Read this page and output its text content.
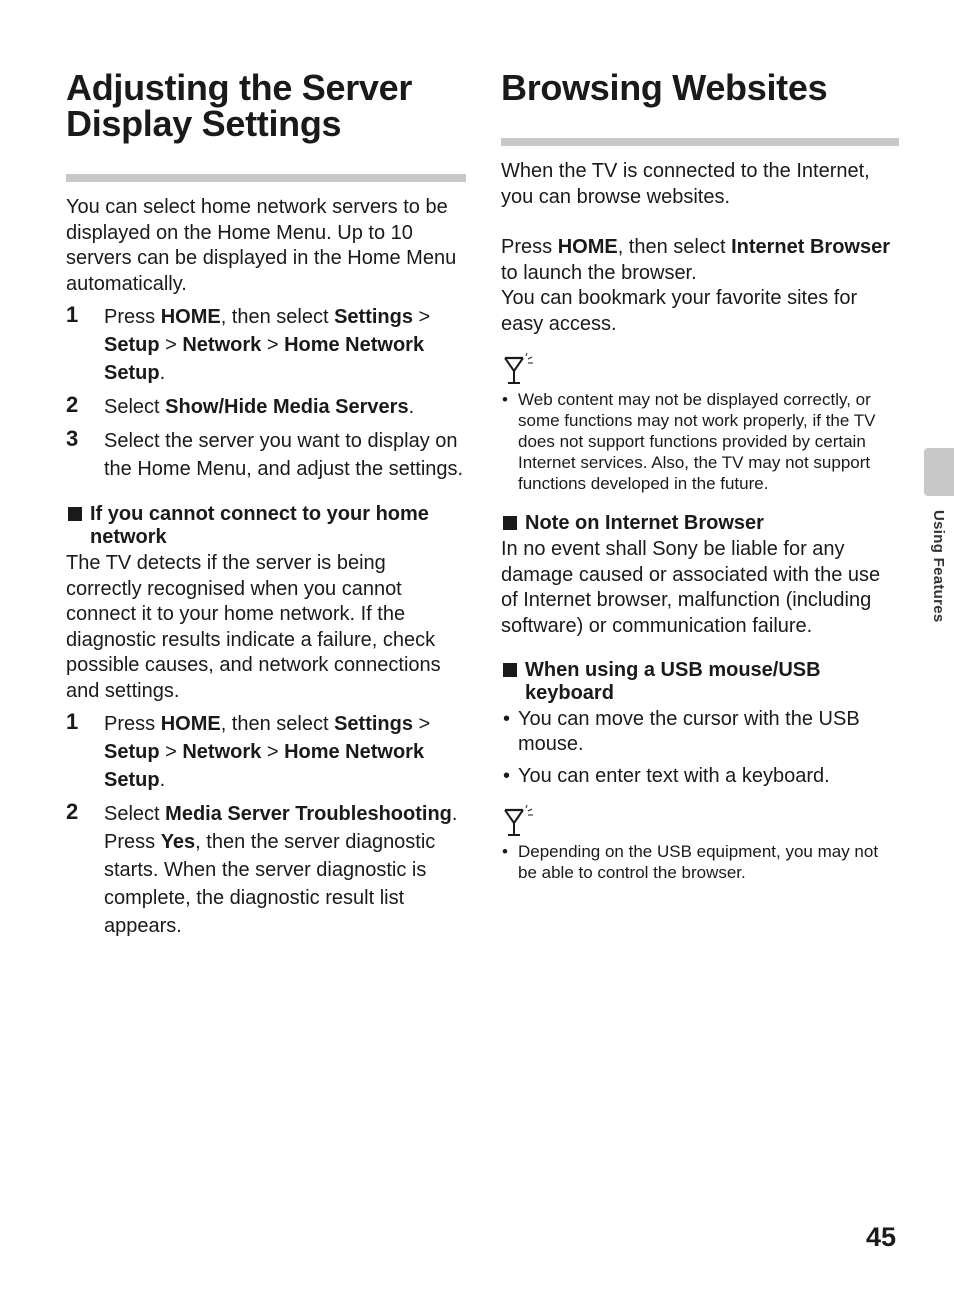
Adjusting the Server
Display Settings

You can select home network servers to be displayed on the Home Menu. Up to 10 servers can be displayed in the Home Menu automatically.

1 Press HOME, then select Settings > Setup > Network > Home Network Setup.
2 Select Show/Hide Media Servers.
3 Select the server you want to display on the Home Menu, and adjust the settings.
If you cannot connect to your home network

The TV detects if the server is being correctly recognised when you cannot connect it to your home network. If the diagnostic results indicate a failure, check possible causes, and network connections and settings.

1 Press HOME, then select Settings > Setup > Network > Home Network Setup.
2 Select Media Server Troubleshooting.
Press Yes, then the server diagnostic starts. When the server diagnostic is complete, the diagnostic result list appears.
Browsing Websites

When the TV is connected to the Internet, you can browse websites.

Press HOME, then select Internet Browser to launch the browser.

You can bookmark your favorite sites for easy access.

• Web content may not be displayed correctly, or some functions may not work properly, if the TV does not support functions provided by certain Internet services. Also, the TV may not support functions developed in the future.
Note on Internet Browser

In no event shall Sony be liable for any damage caused or associated with the use of Internet browser, malfunction (including software) or communication failure.

When using a USB mouse/USB keyboard
• You can move the cursor with the USB mouse.
• You can enter text with a keyboard.
• Depending on the USB equipment, you may not be able to control the browser.
Using Features
45
